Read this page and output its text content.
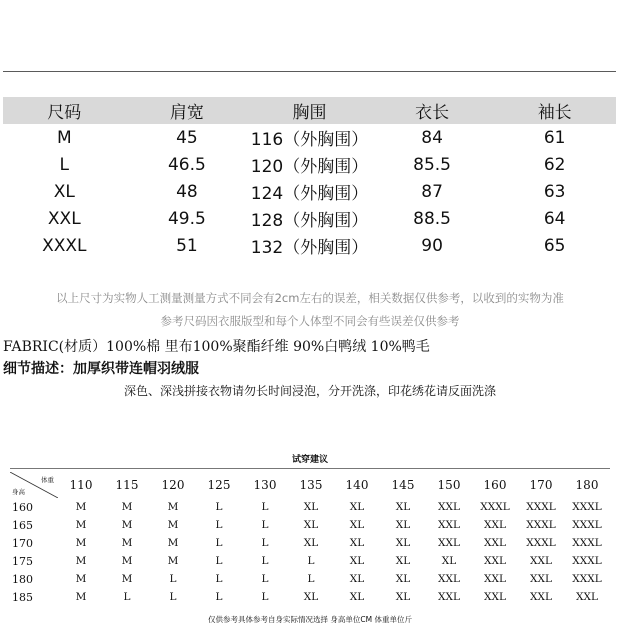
尺码	肩宽	胸围	衣长	袖长
M	45	116（外胸围）	84	61
L	46.5	120（外胸围）	85.5	62
XL	48	124（外胸围）	87	63
XXL	49.5	128（外胸围）	88.5	64
XXXL	51	132（外胸围）	90	65
以上尺寸为实物人工测量测量方式不同会有2cm左右的误差，相关数据仅供参考，以收到的实物为准
参考尺码因衣服版型和每个人体型不同会有些误差仅供参考
FABRIC(材质）100%棉 里布100%聚酯纤维 90%白鸭绒 10%鸭毛
细节描述：加厚织带连帽羽绒服
深色、深浅拼接衣物请勿长时间浸泡，分开洗涤，印花绣花请反面洗涤
试穿建议
体重
身高	110	115	120	125	130	135	140	145	150	160	170	180
160	M	M	M	L	L	XL	XL	XL	XXL	XXXL	XXXL	XXXL
165	M	M	M	L	L	XL	XL	XL	XXL	XXL	XXXL	XXXL
170	M	M	M	L	L	XL	XL	XL	XXL	XXL	XXXL	XXXL
175	M	M	M	L	L	L	XL	XL	XL	XXL	XXL	XXXL
180	M	M	L	L	L	L	XL	XL	XXL	XXL	XXL	XXXL
185	M	L	L	L	L	XL	XL	XL	XXL	XXL	XXL	XXL
仅供参考具体参考自身实际情况选择 身高单位CM 体重单位斤
